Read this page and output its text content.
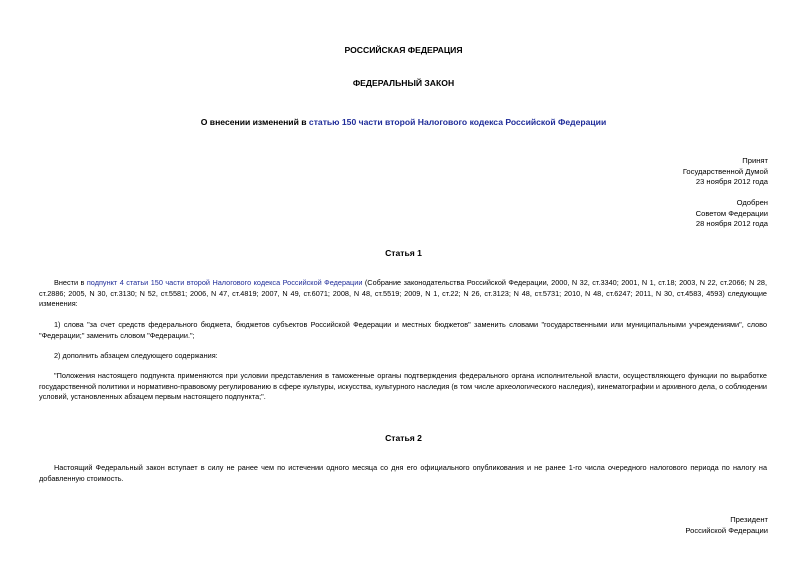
РОССИЙСКАЯ ФЕДЕРАЦИЯ
ФЕДЕРАЛЬНЫЙ ЗАКОН
О внесении изменений в статью 150 части второй Налогового кодекса Российской Федерации
Принят
Государственной Думой
23 ноября 2012 года
Одобрен
Советом Федерации
28 ноября 2012 года
Статья 1
Внести в подпункт 4 статьи 150 части второй Налогового кодекса Российской Федерации (Собрание законодательства Российской Федерации, 2000, N 32, ст.3340; 2001, N 1, ст.18; 2003, N 22, ст.2066; N 28, ст.2886; 2005, N 30, ст.3130; N 52, ст.5581; 2006, N 47, ст.4819; 2007, N 49, ст.6071; 2008, N 48, ст.5519; 2009, N 1, ст.22; N 26, ст.3123; N 48, ст.5731; 2010, N 48, ст.6247; 2011, N 30, ст.4583, 4593) следующие изменения:
1) слова "за счет средств федерального бюджета, бюджетов субъектов Российской Федерации и местных бюджетов" заменить словами "государственными или муниципальными учреждениями", слово "Федерации;" заменить словом "Федерации.";
2) дополнить абзацем следующего содержания:
"Положения настоящего подпункта применяются при условии представления в таможенные органы подтверждения федерального органа исполнительной власти, осуществляющего функции по выработке государственной политики и нормативно-правовому регулированию в сфере культуры, искусства, культурного наследия (в том числе археологического наследия), кинематографии и архивного дела, о соблюдении условий, установленных абзацем первым настоящего подпункта;".
Статья 2
Настоящий Федеральный закон вступает в силу не ранее чем по истечении одного месяца со дня его официального опубликования и не ранее 1-го числа очередного налогового периода по налогу на добавленную стоимость.
Президент
Российской Федерации
